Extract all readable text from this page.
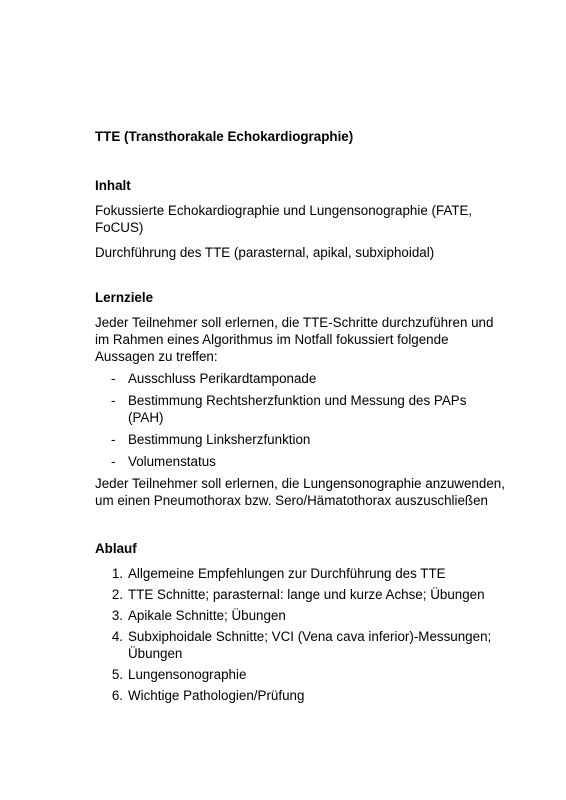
TTE (Transthorakale Echokardiographie)

Inhalt

Fokussierte Echokardiographie und Lungensonographie (FATE, FoCUS)

Durchführung des TTE (parasternal, apikal, subxiphoidal)

Lernziele

Jeder Teilnehmer soll erlernen, die TTE-Schritte durchzuführen und im Rahmen eines Algorithmus im Notfall fokussiert folgende Aussagen zu treffen:

- Ausschluss Perikardtamponade
- Bestimmung Rechtsherzfunktion und Messung des PAPs (PAH)
- Bestimmung Linksherzfunktion
- Volumenstatus

Jeder Teilnehmer soll erlernen, die Lungensonographie anzuwenden, um einen Pneumothorax bzw. Sero/Hämatothorax auszuschließen

Ablauf

1. Allgemeine Empfehlungen zur Durchführung des TTE
2. TTE Schnitte; parasternal: lange und kurze Achse; Übungen
3. Apikale Schnitte; Übungen
4. Subxiphoidale Schnitte; VCI (Vena cava inferior)-Messungen; Übungen
5. Lungensonographie
6. Wichtige Pathologien/Prüfung
